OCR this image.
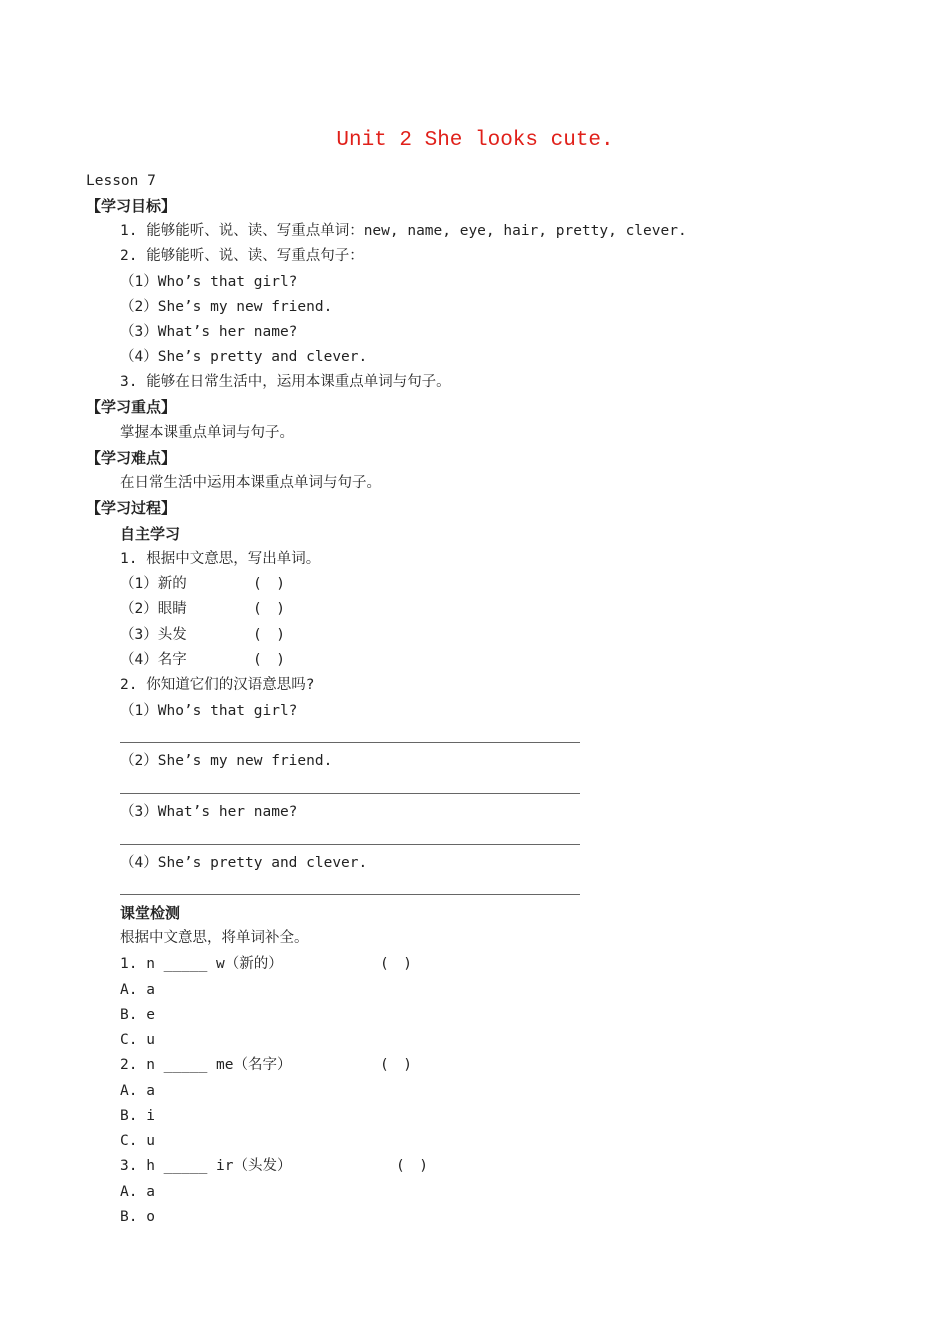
Unit 2 She looks cute.
Lesson 7
【学习目标】
1. 能够能听、说、读、写重点单词：new, name, eye, hair, pretty, clever.
2. 能够能听、说、读、写重点句子：
（1）Who’s that girl?
（2）She’s my new friend.
（3）What’s her name?
（4）She’s pretty and clever.
3. 能够在日常生活中，运用本课重点单词与句子。
【学习重点】
掌握本课重点单词与句子。
【学习难点】
在日常生活中运用本课重点单词与句子。
【学习过程】
自主学习
1. 根据中文意思，写出单词。
（1）新的	(　)
（2）眼睛	(　)
（3）头发	(　)
（4）名字	(　)
2. 你知道它们的汉语意思吗?
（1）Who’s that girl?
（2）She’s my new friend.
（3）What’s her name?
（4）She’s pretty and clever.
课堂检测
根据中文意思，将单词补全。
1. n _____ w（新的）	(　)
A. a
B. e
C. u
2. n _____ me（名字）	(　)
A. a
B. i
C. u
3. h _____ ir（头发）	(　)
A. a
B. o
